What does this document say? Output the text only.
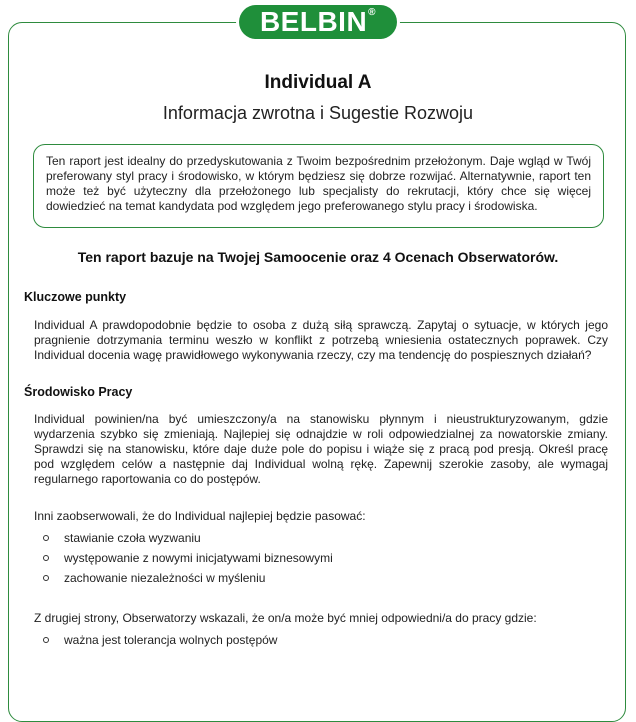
BELBIN ®
Individual A
Informacja zwrotna i Sugestie Rozwoju
Ten raport jest idealny do przedyskutowania z Twoim bezpośrednim przełożonym. Daje wgląd w Twój preferowany styl pracy i środowisko, w którym będziesz się dobrze rozwijać. Alternatywnie, raport ten może też być użyteczny dla przełożonego lub specjalisty do rekrutacji, który chce się więcej dowiedzieć na temat kandydata pod względem jego preferowanego stylu pracy i środowiska.
Ten raport bazuje na Twojej Samoocenie oraz 4 Ocenach Obserwatorów.
Kluczowe punkty
Individual A prawdopodobnie będzie to osoba z dużą siłą sprawczą. Zapytaj o sytuacje, w których jego pragnienie dotrzymania terminu weszło w konflikt z potrzebą wniesienia ostatecznych poprawek. Czy Individual docenia wagę prawidłowego wykonywania rzeczy, czy ma tendencję do pospiesznych działań?
Środowisko Pracy
Individual powinien/na być umieszczony/a na stanowisku płynnym i nieustrukturyzowanym, gdzie wydarzenia szybko się zmieniają. Najlepiej się odnajdzie w roli odpowiedzialnej za nowatorskie zmiany. Sprawdzi się na stanowisku, które daje duże pole do popisu i wiąże się z pracą pod presją. Określ pracę pod względem celów a następnie daj Individual wolną rękę. Zapewnij szerokie zasoby, ale wymagaj regularnego raportowania co do postępów.
Inni zaobserwowali, że do Individual najlepiej będzie pasować:
stawianie czoła wyzwaniu
występowanie z nowymi inicjatywami biznesowymi
zachowanie niezależności w myśleniu
Z drugiej strony, Obserwatorzy wskazali, że on/a może być mniej odpowiedni/a do pracy gdzie:
ważna jest tolerancja wolnych postępów
